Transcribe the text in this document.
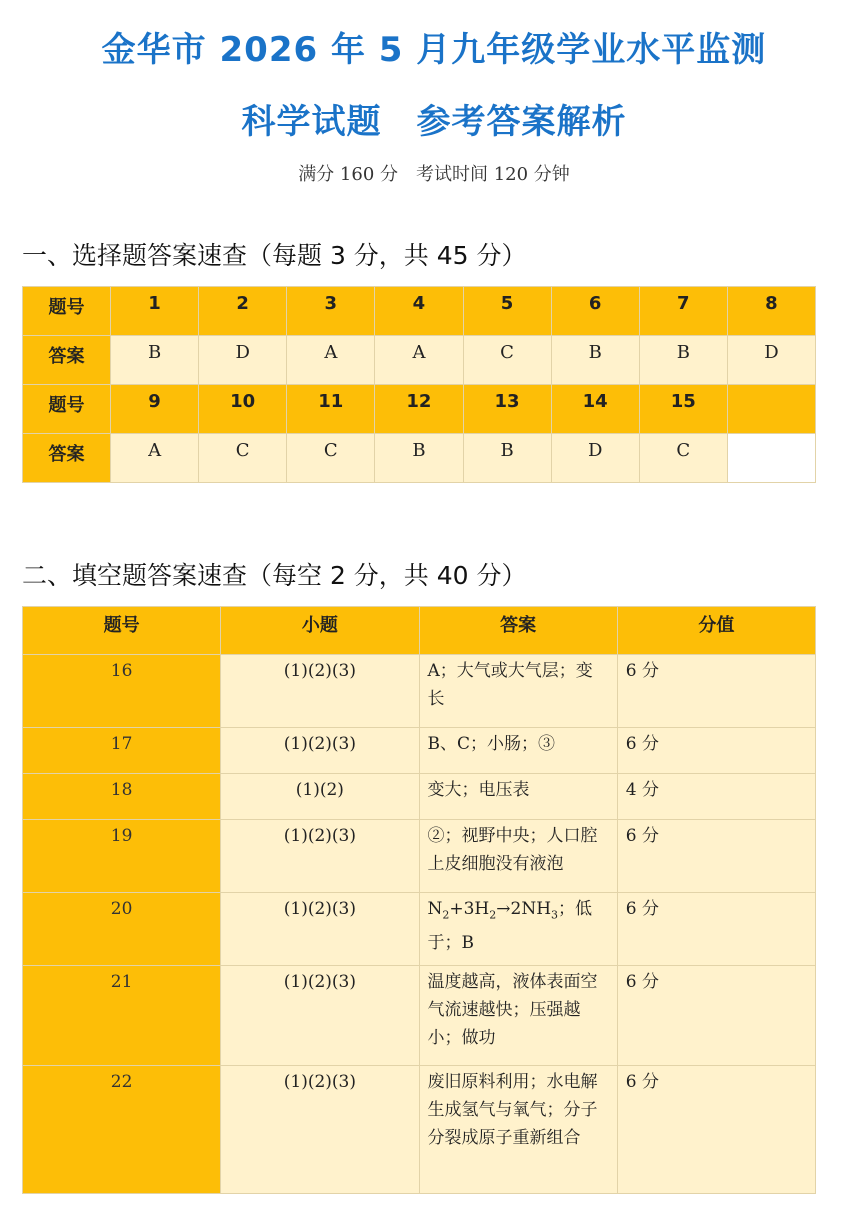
金华市 2026 年 5 月九年级学业水平监测
科学试题　参考答案解析
满分 160 分　考试时间 120 分钟
一、选择题答案速查（每题 3 分，共 45 分）
题号	1	2	3	4	5	6	7	8
答案	B	D	A	A	C	B	B	D
题号	9	10	11	12	13	14	15	
答案	A	C	C	B	B	D	C	
二、填空题答案速查（每空 2 分，共 40 分）
题号	小题	答案	分值
16	(1)(2)(3)	A；大气或大气层；变长	6 分
17	(1)(2)(3)	B、C；小肠；③	6 分
18	(1)(2)	变大；电压表	4 分
19	(1)(2)(3)	②；视野中央；人口腔上皮细胞没有液泡	6 分
20	(1)(2)(3)	$N_2+3H_2\to 2NH_3$；低于；B	6 分
21	(1)(2)(3)	温度越高，液体表面空气流速越快；压强越小；做功	6 分
22	(1)(2)(3)	废旧原料利用；水电解生成氢气与氧气；分子分裂成原子重新组合	6 分
